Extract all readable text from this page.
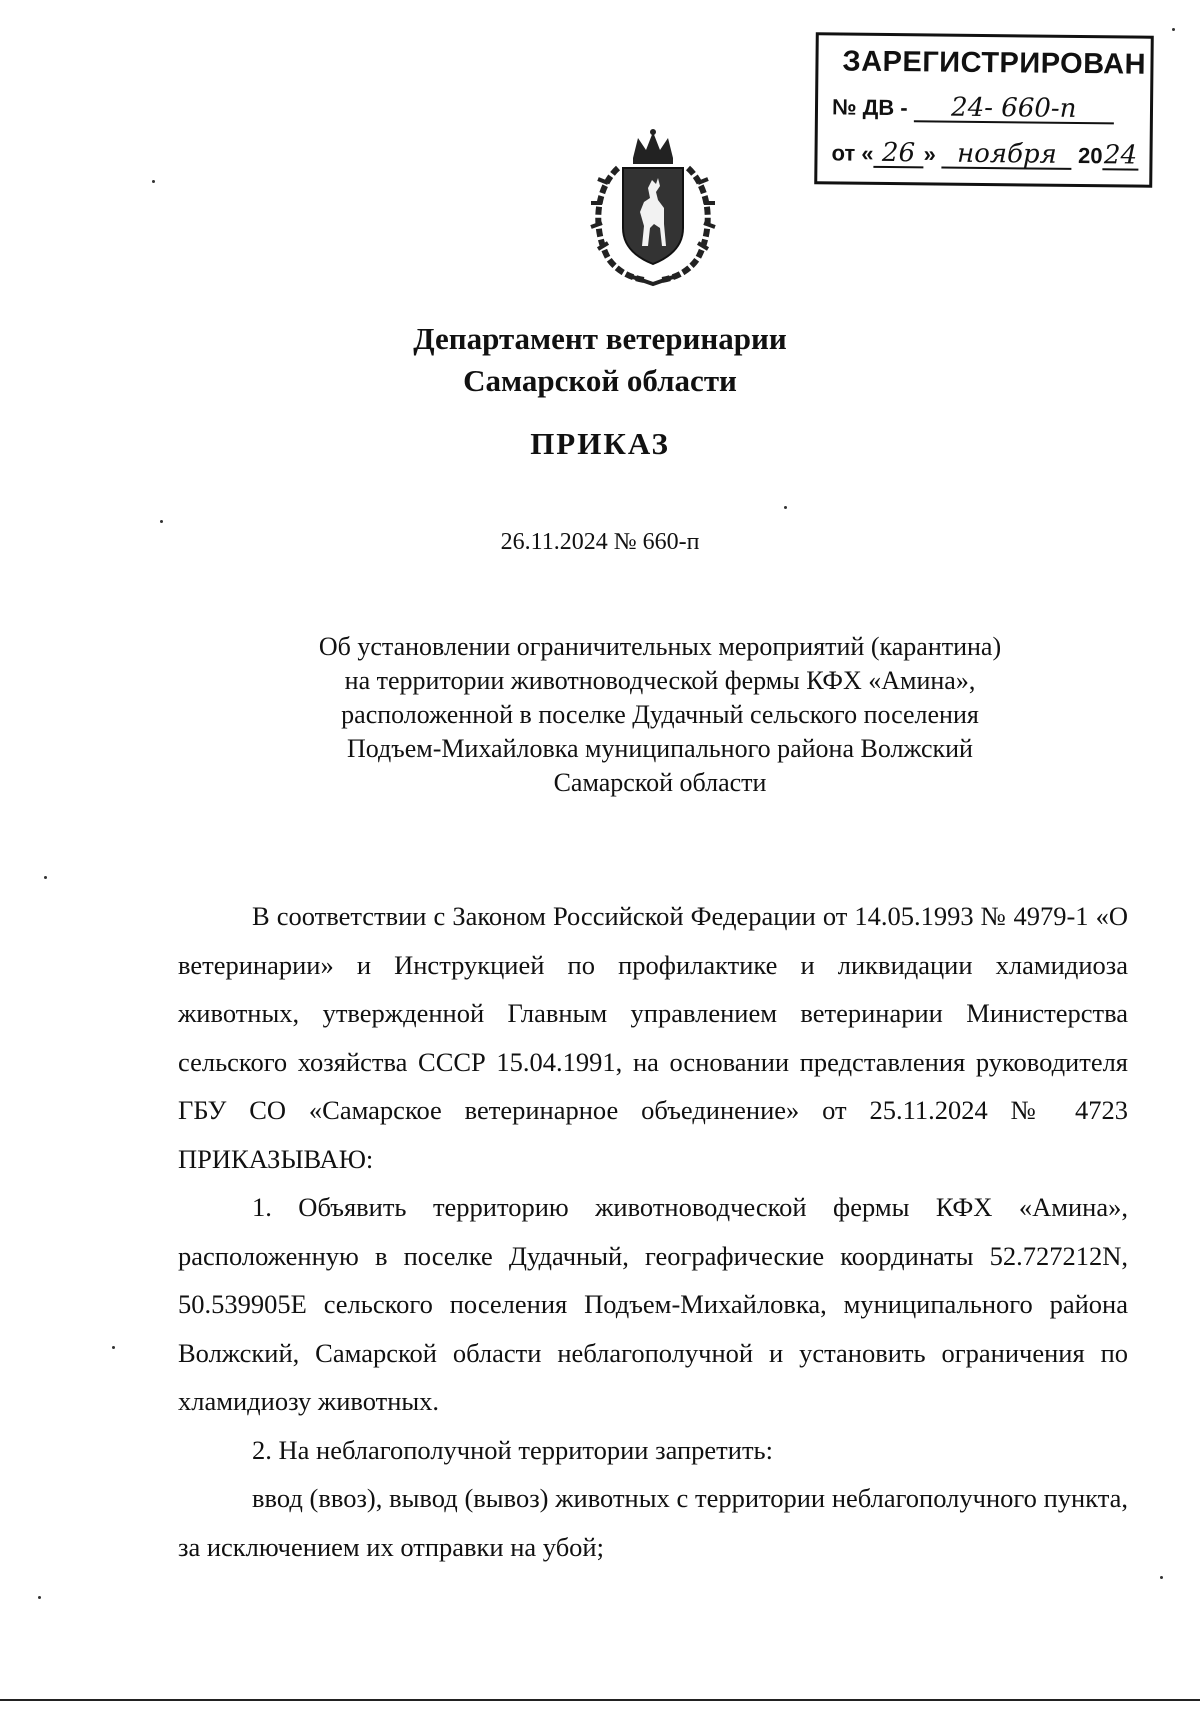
ЗАРЕГИСТРИРОВАН
№ ДВ - 24- 660-п
от « 26 » ноября 2024
Департамент ветеринарии
Самарской области
ПРИКАЗ
26.11.2024 № 660-п
Об установлении ограничительных мероприятий (карантина)
на территории животноводческой фермы КФХ «Амина»,
расположенной в поселке Дудачный сельского поселения
Подъем-Михайловка муниципального района Волжский
Самарской области

В соответствии с Законом Российской Федерации от 14.05.1993 № 4979-1 «О ветеринарии» и Инструкцией по профилактике и ликвидации хламидиоза животных, утвержденной Главным управлением ветеринарии Министерства сельского хозяйства СССР 15.04.1991, на основании представления руководителя ГБУ СО «Самарское ветеринарное объединение» от 25.11.2024 № 4723 ПРИКАЗЫВАЮ:

1. Объявить территорию животноводческой фермы КФХ «Амина», расположенную в поселке Дудачный, географические координаты 52.727212N, 50.539905E сельского поселения Подъем-Михайловка, муниципального района Волжский, Самарской области неблагополучной и установить ограничения по хламидиозу животных.

2. На неблагополучной территории запретить:

ввод (ввоз), вывод (вывоз) животных с территории неблагополучного пункта, за исключением их отправки на убой;
